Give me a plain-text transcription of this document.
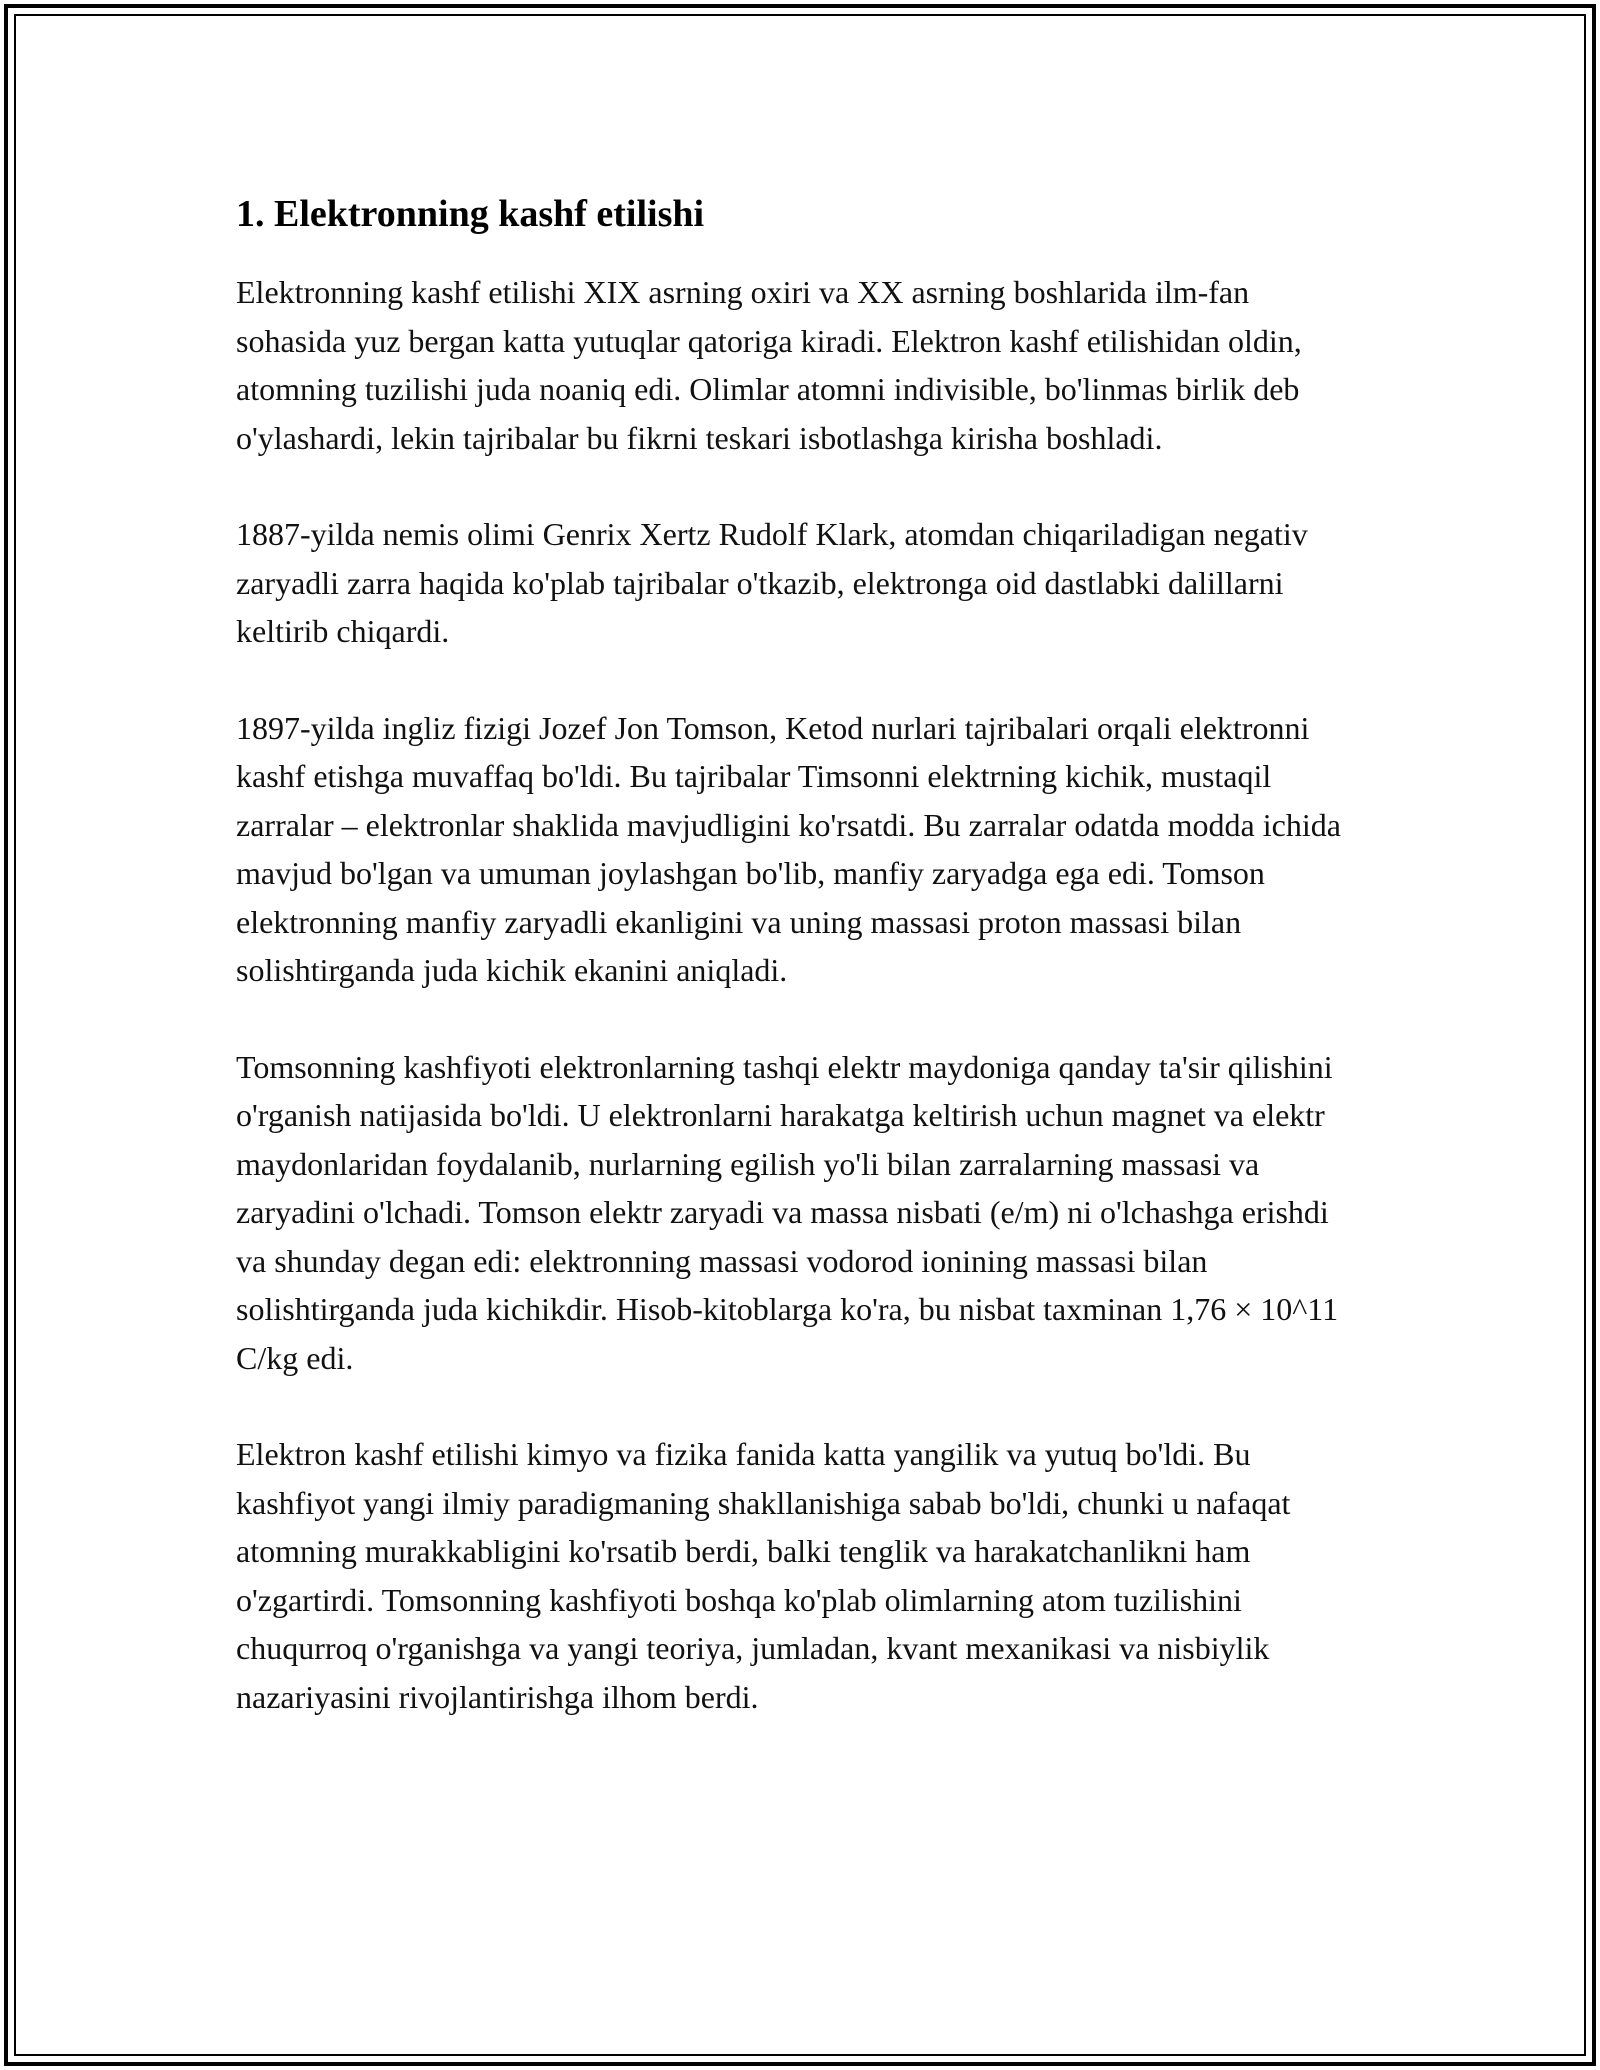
1. Elektronning kashf etilishi

Elektronning kashf etilishi XIX asrning oxiri va XX asrning boshlarida ilm-fan sohasida yuz bergan katta yutuqlar qatoriga kiradi. Elektron kashf etilishidan oldin, atomning tuzilishi juda noaniq edi. Olimlar atomni indivisible, bo'linmas birlik deb o'ylashardi, lekin tajribalar bu fikrni teskari isbotlashga kirisha boshladi.

1887-yilda nemis olimi Genrix Xertz Rudolf Klark, atomdan chiqariladigan negativ zaryadli zarra haqida ko'plab tajribalar o'tkazib, elektronga oid dastlabki dalillarni keltirib chiqardi.

1897-yilda ingliz fizigi Jozef Jon Tomson, Ketod nurlari tajribalari orqali elektronni kashf etishga muvaffaq bo'ldi. Bu tajribalar Timsonni elektrning kichik, mustaqil zarralar – elektronlar shaklida mavjudligini ko'rsatdi. Bu zarralar odatda modda ichida mavjud bo'lgan va umuman joylashgan bo'lib, manfiy zaryadga ega edi. Tomson elektronning manfiy zaryadli ekanligini va uning massasi proton massasi bilan solishtirganda juda kichik ekanini aniqladi.

Tomsonning kashfiyoti elektronlarning tashqi elektr maydoniga qanday ta'sir qilishini o'rganish natijasida bo'ldi. U elektronlarni harakatga keltirish uchun magnet va elektr maydonlaridan foydalanib, nurlarning egilish yo'li bilan zarralarning massasi va zaryadini o'lchadi. Tomson elektr zaryadi va massa nisbati (e/m) ni o'lchashga erishdi va shunday degan edi: elektronning massasi vodorod ionining massasi bilan solishtirganda juda kichikdir. Hisob-kitoblarga ko'ra, bu nisbat taxminan 1,76 × 10^11 C/kg edi.

Elektron kashf etilishi kimyo va fizika fanida katta yangilik va yutuq bo'ldi. Bu kashfiyot yangi ilmiy paradigmaning shakllanishiga sabab bo'ldi, chunki u nafaqat atomning murakkabligini ko'rsatib berdi, balki tenglik va harakatchanlikni ham o'zgartirdi. Tomsonning kashfiyoti boshqa ko'plab olimlarning atom tuzilishini chuqurroq o'rganishga va yangi teoriya, jumladan, kvant mexanikasi va nisbiylik nazariyasini rivojlantirishga ilhom berdi.
